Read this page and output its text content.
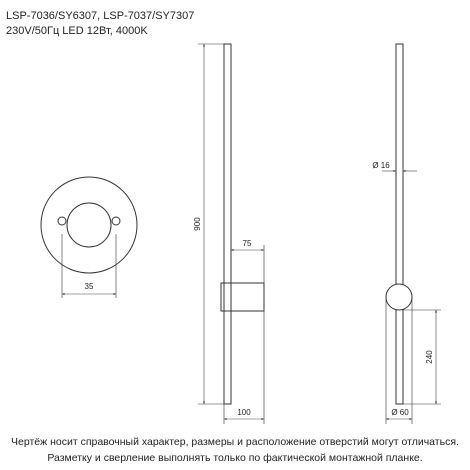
LSP-7036/SY6307, LSP-7037/SY7307
230V/50Гц LED 12Вт, 4000K
35
900
75
100
Ø 16
240
Ø 60
Чертёж носит справочный характер, размеры и расположение отверстий могут отличаться.
Разметку и сверление выполнять только по фактической монтажной планке.
